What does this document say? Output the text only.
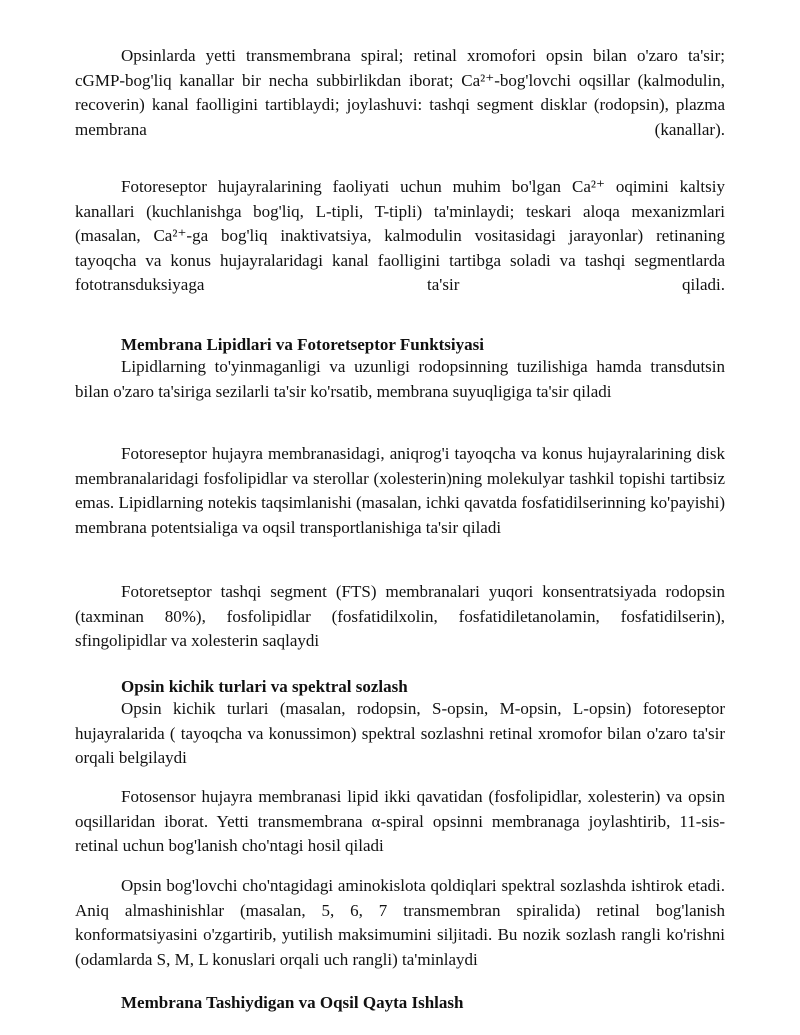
Opsinlarda yetti transmembrana spiral; retinal xromofori opsin bilan o'zaro ta'sir; cGMP-bog'liq kanallar bir necha subbirlikdan iborat; Ca²⁺-bog'lovchi oqsillar (kalmodulin, recoverin) kanal faolligini tartiblaydi; joylashuvi: tashqi segment disklar (rodopsin), plazma membrana (kanallar).

Fotoreseptor hujayralarining faoliyati uchun muhim bo'lgan Ca²⁺ oqimini kaltsiy kanallari (kuchlanishga bog'liq, L-tipli, T-tipli) ta'minlaydi; teskari aloqa mexanizmlari (masalan, Ca²⁺-ga bog'liq inaktivatsiya, kalmodulin vositasidagi jarayonlar) retinaning tayoqcha va konus hujayralaridagi kanal faolligini tartibga soladi va tashqi segmentlarda fototransduksiyaga ta'sir qiladi.

Membrana Lipidlari va Fotoretseptor Funktsiyasi

Lipidlarning to'yinmaganligi va uzunligi rodopsinning tuzilishiga hamda transdutsin bilan o'zaro ta'siriga sezilarli ta'sir ko'rsatib, membrana suyuqligiga ta'sir qiladi

Fotoreseptor hujayra membranasidagi, aniqrog'i tayoqcha va konus hujayralarining disk membranalaridagi fosfolipidlar va sterollar (xolesterin)ning molekulyar tashkil topishi tartibsiz emas. Lipidlarning notekis taqsimlanishi (masalan, ichki qavatda fosfatidilserinning ko'payishi) membrana potentsialiga va oqsil transportlanishiga ta'sir qiladi

Fotoretseptor tashqi segment (FTS) membranalari yuqori konsentratsiyada rodopsin (taxminan 80%), fosfolipidlar (fosfatidilxolin, fosfatidiletanolamin, fosfatidilserin), sfingolipidlar va xolesterin saqlaydi

Opsin kichik turlari va spektral sozlash

Opsin kichik turlari (masalan, rodopsin, S-opsin, M-opsin, L-opsin) fotoreseptor hujayralarida ( tayoqcha va konussimon) spektral sozlashni retinal xromofor bilan o'zaro ta'sir orqali belgilaydi

Fotosensor hujayra membranasi lipid ikki qavatidan (fosfolipidlar, xolesterin) va opsin oqsillaridan iborat. Yetti transmembrana α-spiral opsinni membranaga joylashtirib, 11-sis-retinal uchun bog'lanish cho'ntagi hosil qiladi

Opsin bog'lovchi cho'ntagidagi aminokislota qoldiqlari spektral sozlashda ishtirok etadi. Aniq almashinishlar (masalan, 5, 6, 7 transmembran spiralida) retinal bog'lanish konformatsiyasini o'zgartirib, yutilish maksimumini siljitadi. Bu nozik sozlash rangli ko'rishni (odamlarda S, M, L konuslari orqali uch rangli) ta'minlaydi

Membrana Tashiydigan va Oqsil Qayta Ishlash
